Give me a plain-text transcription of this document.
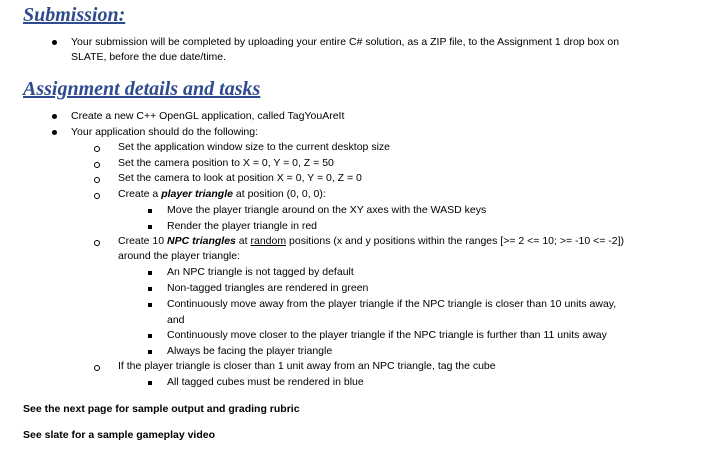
Submission:
Your submission will be completed by uploading your entire C# solution, as a ZIP file, to the Assignment 1 drop box on
SLATE, before the due date/time.
Assignment details and tasks
Create a new C++ OpenGL application, called TagYouAreIt
Your application should do the following:
Set the application window size to the current desktop size
Set the camera position to X = 0, Y = 0, Z = 50
Set the camera to look at position X = 0, Y = 0, Z = 0
Create a player triangle at position (0, 0, 0):
Move the player triangle around on the XY axes with the WASD keys
Render the player triangle in red
Create 10 NPC triangles at random positions (x and y positions within the ranges [>= 2 <= 10; >= -10 <= -2])
around the player triangle:
An NPC triangle is not tagged by default
Non-tagged triangles are rendered in green
Continuously move away from the player triangle if the NPC triangle is closer than 10 units away,
and
Continuously move closer to the player triangle if the NPC triangle is further than 11 units away
Always be facing the player triangle
If the player triangle is closer than 1 unit away from an NPC triangle, tag the cube
All tagged cubes must be rendered in blue
See the next page for sample output and grading rubric
See slate for a sample gameplay video
